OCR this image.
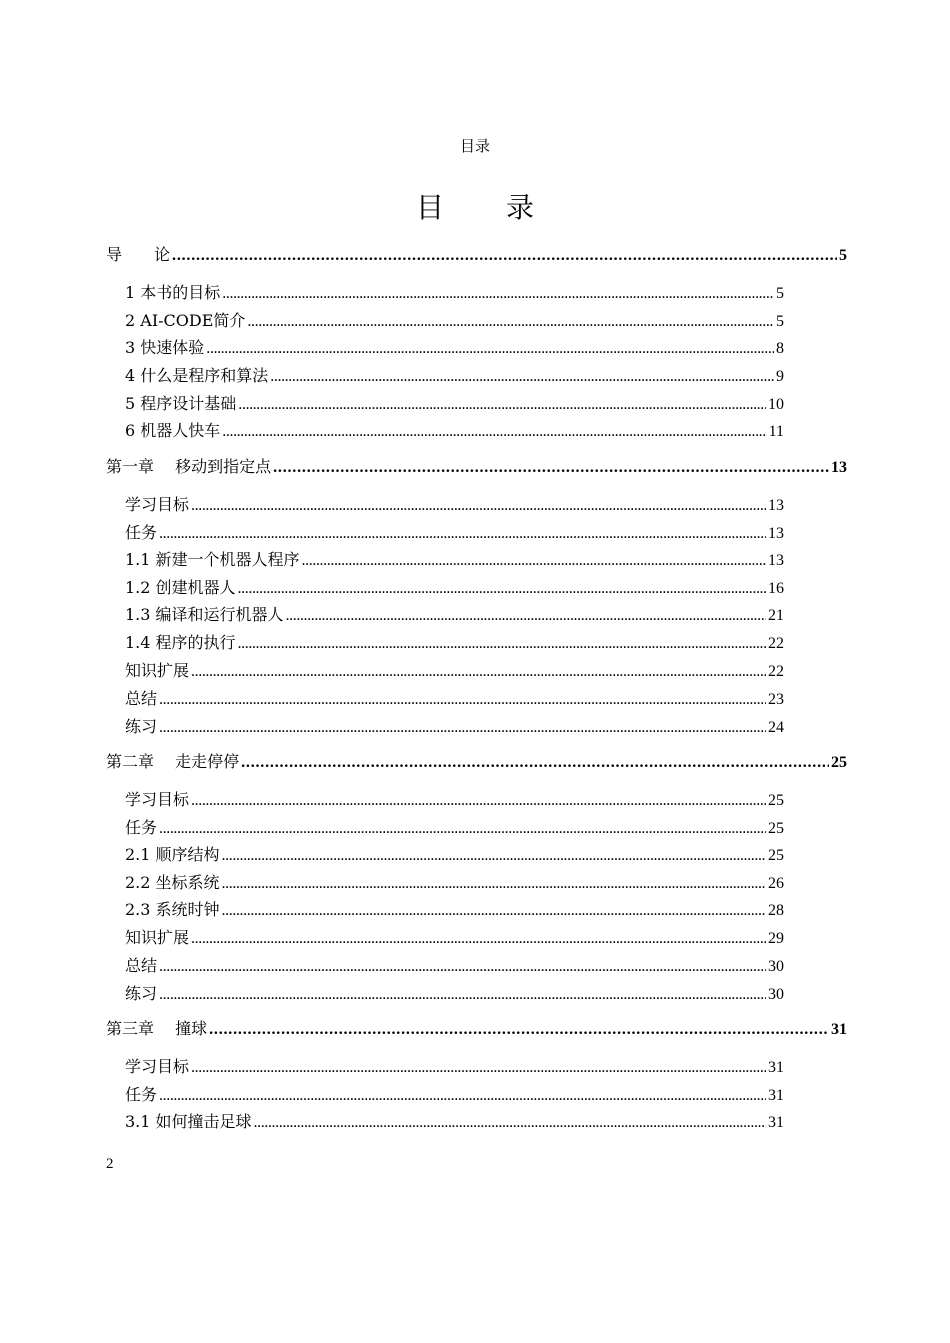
目录
目 录
导　　论 . . .	5
1 本书的目标 . . .	5
2 AI-CODE简介 . . .	5
3 快速体验 . . .	8
4 什么是程序和算法 . . .	9
5 程序设计基础 . . .	10
6 机器人快车 . . .	11
第一章　 移动到指定点 . . .	13
学习目标 . . .	13
任务 . . .	13
1.1 新建一个机器人程序 . . .	13
1.2 创建机器人 . . .	16
1.3 编译和运行机器人 . . .	21
1.4 程序的执行 . . .	22
知识扩展 . . .	22
总结 . . .	23
练习 . . .	24
第二章　 走走停停 . . .	25
学习目标 . . .	25
任务 . . .	25
2.1 顺序结构 . . .	25
2.2 坐标系统 . . .	26
2.3 系统时钟 . . .	28
知识扩展 . . .	29
总结 . . .	30
练习 . . .	30
第三章　 撞球 . . .	31
学习目标 . . .	31
任务 . . .	31
3.1 如何撞击足球 . . .	31
2
